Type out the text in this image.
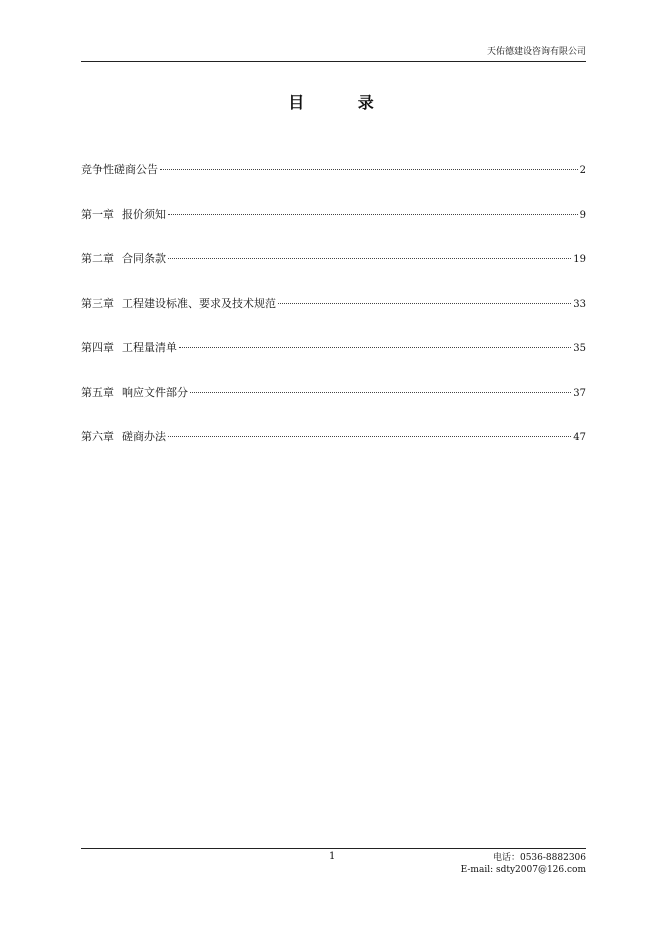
天佑德建设咨询有限公司
目 录
竞争性磋商公告	2
第一章 报价须知	9
第二章 合同条款	19
第三章 工程建设标准、要求及技术规范	33
第四章 工程量清单	35
第五章 响应文件部分	37
第六章 磋商办法	47
1	电话：0536-8882306
E-mail: sdty2007@126.com
